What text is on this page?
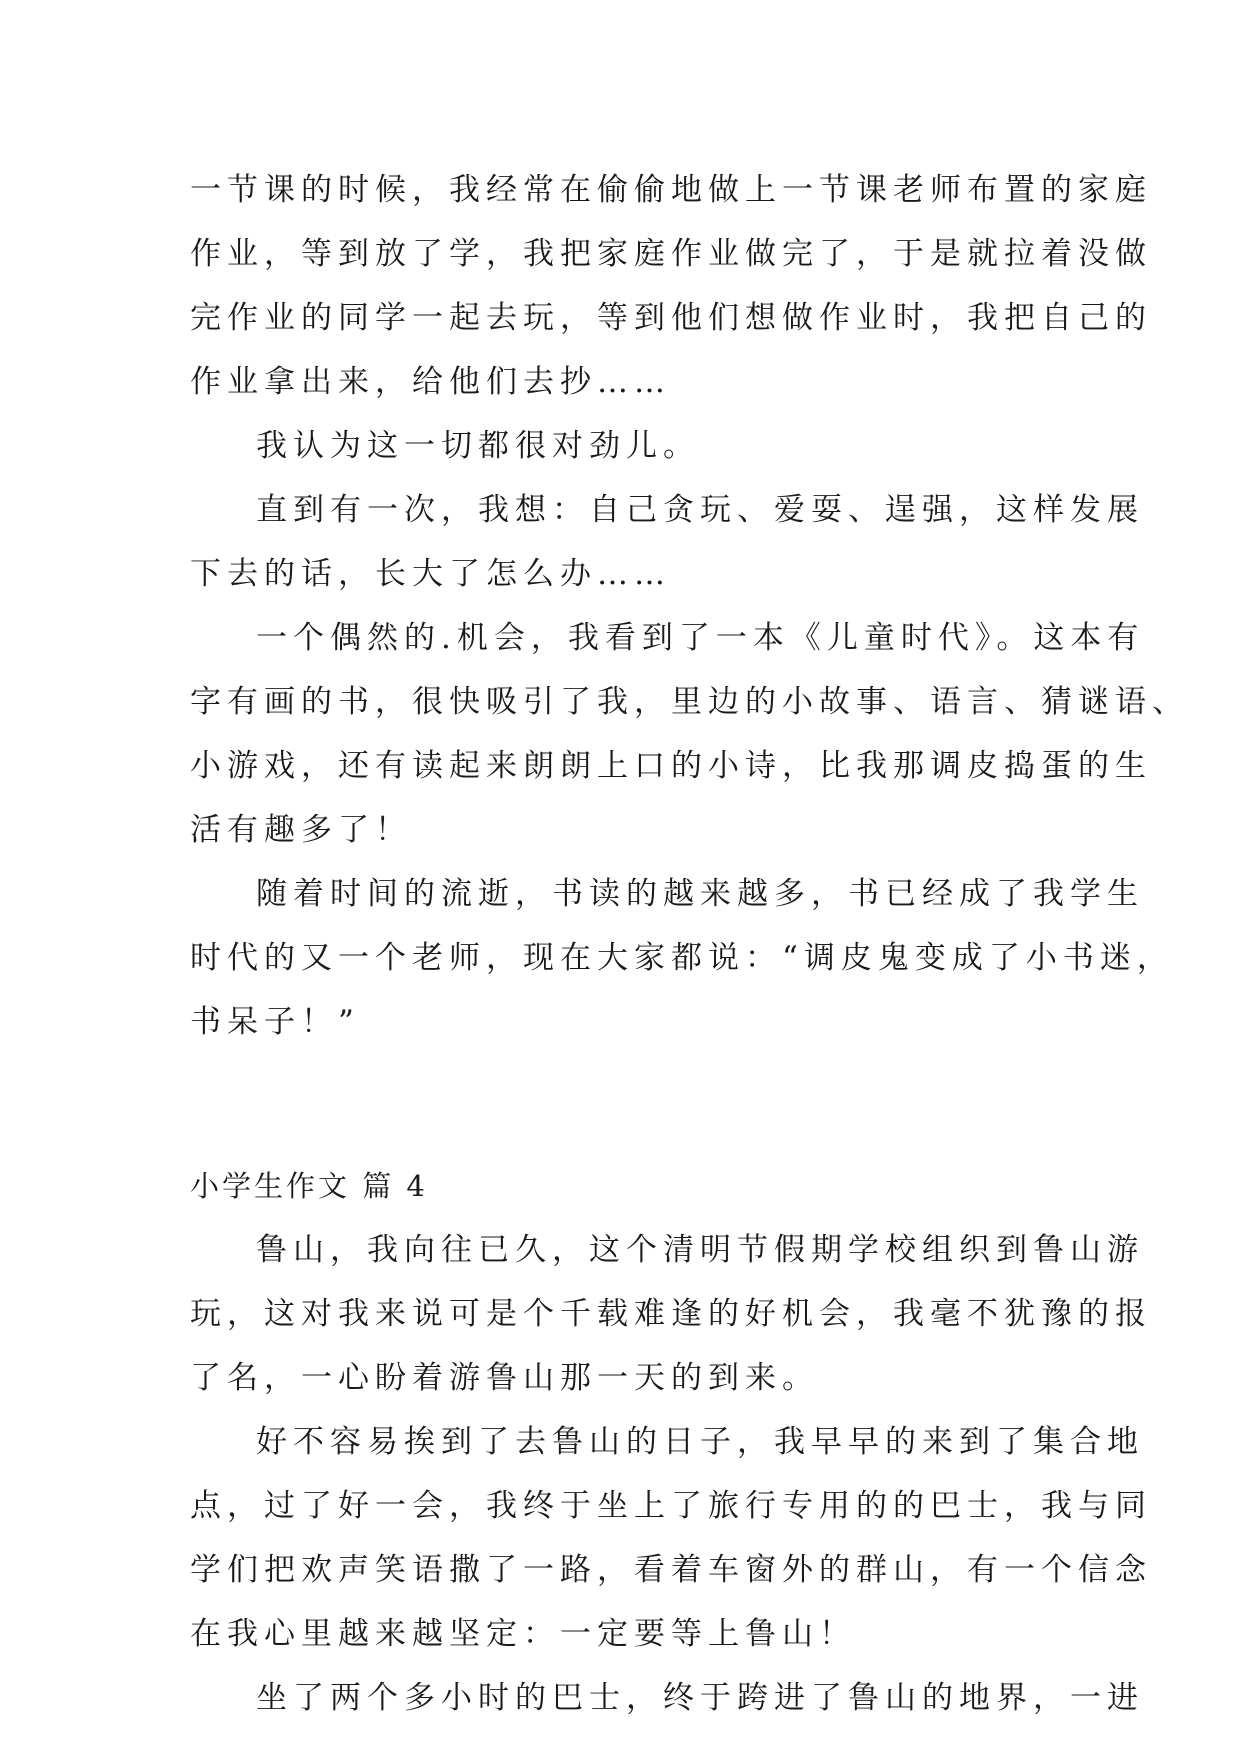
一节课的时候，我经常在偷偷地做上一节课老师布置的家庭
作业，等到放了学，我把家庭作业做完了，于是就拉着没做
完作业的同学一起去玩，等到他们想做作业时，我把自己的
作业拿出来，给他们去抄……
我认为这一切都很对劲儿。
直到有一次，我想：自己贪玩、爱耍、逞强，这样发展
下去的话，长大了怎么办……
一个偶然的.机会，我看到了一本《儿童时代》。这本有
字有画的书，很快吸引了我，里边的小故事、语言、猜谜语、
小游戏，还有读起来朗朗上口的小诗，比我那调皮捣蛋的生
活有趣多了！
随着时间的流逝，书读的越来越多，书已经成了我学生
时代的又一个老师，现在大家都说：“调皮鬼变成了小书迷，
书呆子！”
小学生作文 篇 4
鲁山，我向往已久，这个清明节假期学校组织到鲁山游
玩，这对我来说可是个千载难逢的好机会，我毫不犹豫的报
了名，一心盼着游鲁山那一天的到来。
好不容易挨到了去鲁山的日子，我早早的来到了集合地
点，过了好一会，我终于坐上了旅行专用的的巴士，我与同
学们把欢声笑语撒了一路，看着车窗外的群山，有一个信念
在我心里越来越坚定：一定要等上鲁山！
坐了两个多小时的巴士，终于跨进了鲁山的地界，一进
